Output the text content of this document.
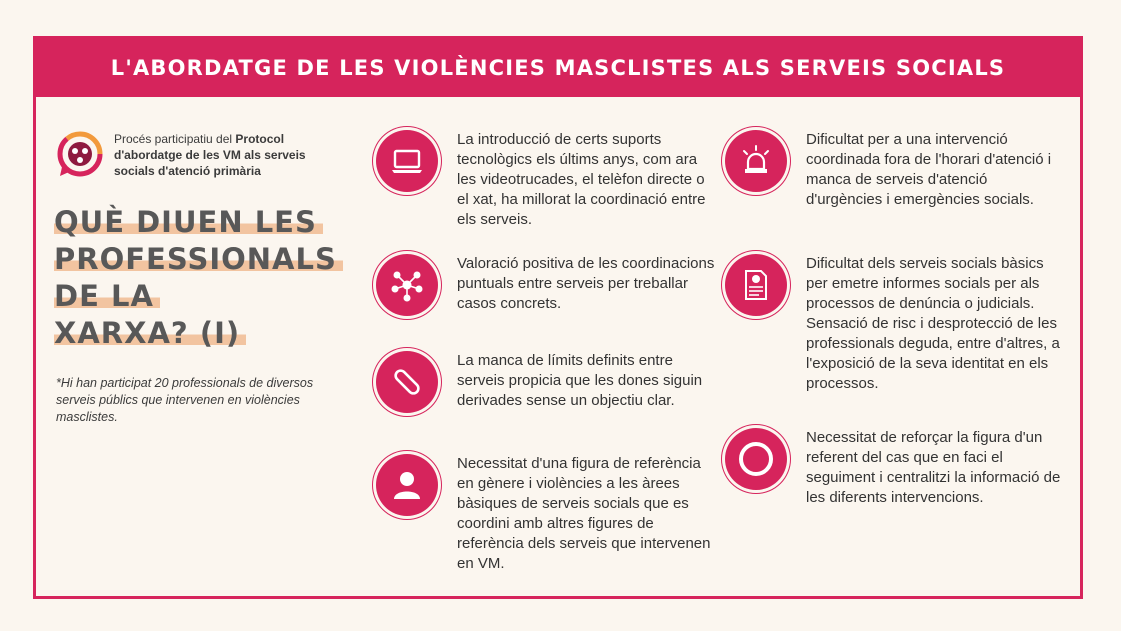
L'ABORDATGE DE LES VIOLÈNCIES MASCLISTES ALS SERVEIS SOCIALS
Procés participatiu del Protocol
d'abordatge de les VM als serveis
socials d'atenció primària
QUÈ DIUEN LES
PROFESSIONALS
DE LA
XARXA? (I)
*Hi han participat 20 professionals de diversos serveis públics que intervenen en violències masclistes.
La introducció de certs suports tecnològics els últims anys, com ara les videotrucades, el telèfon directe o el xat, ha millorat la coordinació entre els serveis.
Valoració positiva de les coordinacions puntuals entre serveis per treballar casos concrets.
La manca de límits definits entre serveis propicia que les dones siguin derivades sense un objectiu clar.
Necessitat d'una figura de referència en gènere i violències a les àrees bàsiques de serveis socials que es coordini amb altres figures de referència dels serveis que intervenen en VM.
Dificultat per a una intervenció coordinada fora de l'horari d'atenció i manca de serveis d'atenció d'urgències i emergències socials.
Dificultat dels serveis socials bàsics per emetre informes socials per als processos de denúncia o judicials. Sensació de risc i desprotecció de les professionals deguda, entre d'altres, a l'exposició de la seva identitat en els processos.
Necessitat de reforçar la figura d'un referent del cas que en faci el seguiment i centralitzi la informació de les diferents intervencions.
